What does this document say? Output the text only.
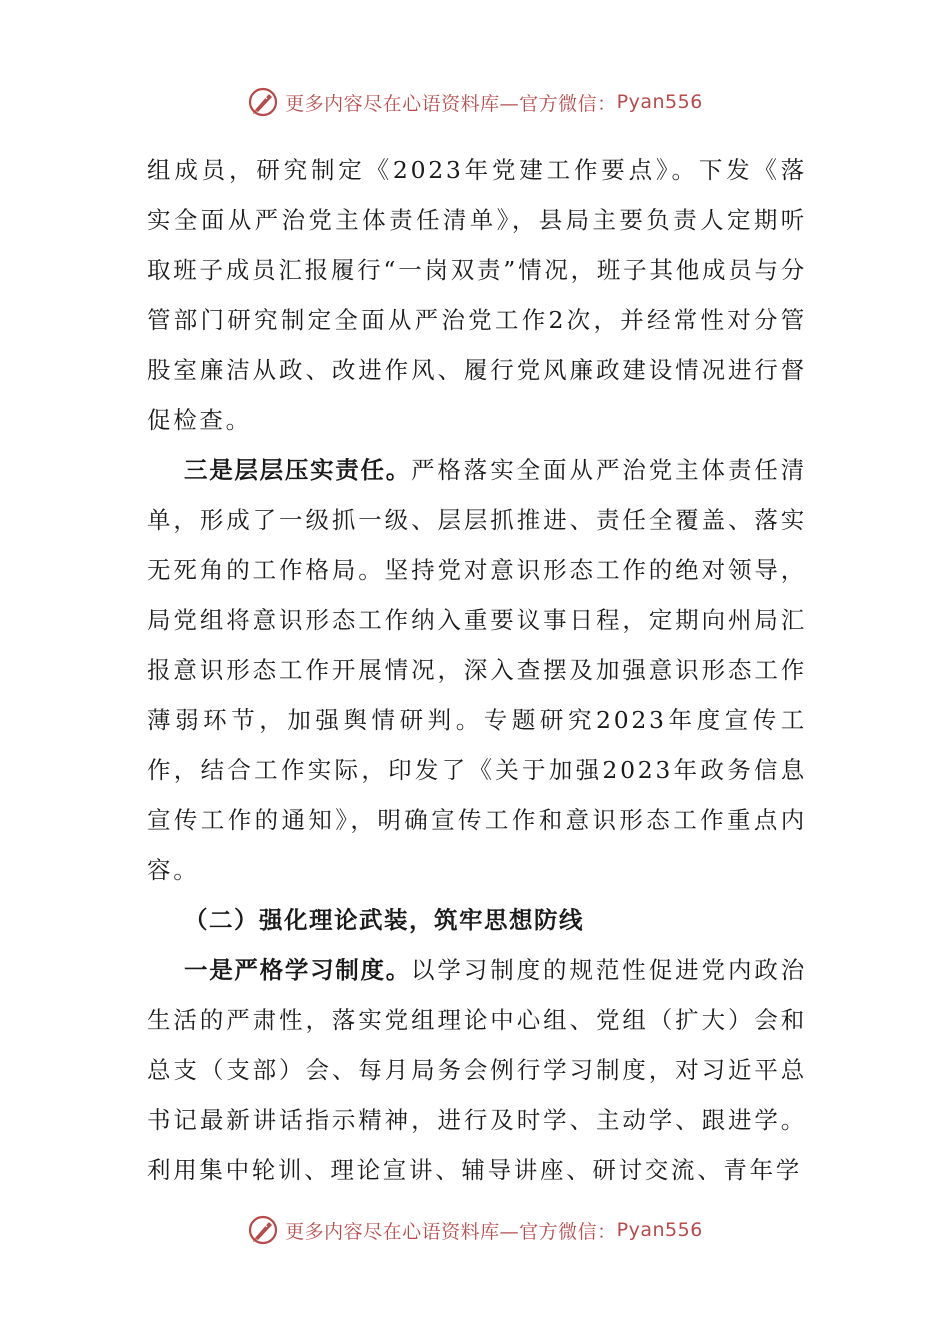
更多内容尽在心语资料库—官方微信： Pyan556

组成员，研究制定《2023年党建工作要点》。下发《落实全面从严治党主体责任清单》，县局主要负责人定期听取班子成员汇报履行“一岗双责”情况，班子其他成员与分管部门研究制定全面从严治党工作2次，并经常性对分管股室廉洁从政、改进作风、履行党风廉政建设情况进行督促检查。

三是层层压实责任。严格落实全面从严治党主体责任清单，形成了一级抓一级、层层抓推进、责任全覆盖、落实无死角的工作格局。坚持党对意识形态工作的绝对领导，局党组将意识形态工作纳入重要议事日程，定期向州局汇报意识形态工作开展情况，深入查摆及加强意识形态工作薄弱环节，加强舆情研判。专题研究2023年度宣传工作，结合工作实际，印发了《关于加强2023年政务信息宣传工作的通知》，明确宣传工作和意识形态工作重点内容。

（二）强化理论武装，筑牢思想防线

一是严格学习制度。以学习制度的规范性促进党内政治生活的严肃性，落实党组理论中心组、党组（扩大）会和总支（支部）会、每月局务会例行学习制度，对习近平总书记最新讲话指示精神，进行及时学、主动学、跟进学。利用集中轮训、理论宣讲、辅导讲座、研讨交流、青年学

更多内容尽在心语资料库—官方微信： Pyan556
